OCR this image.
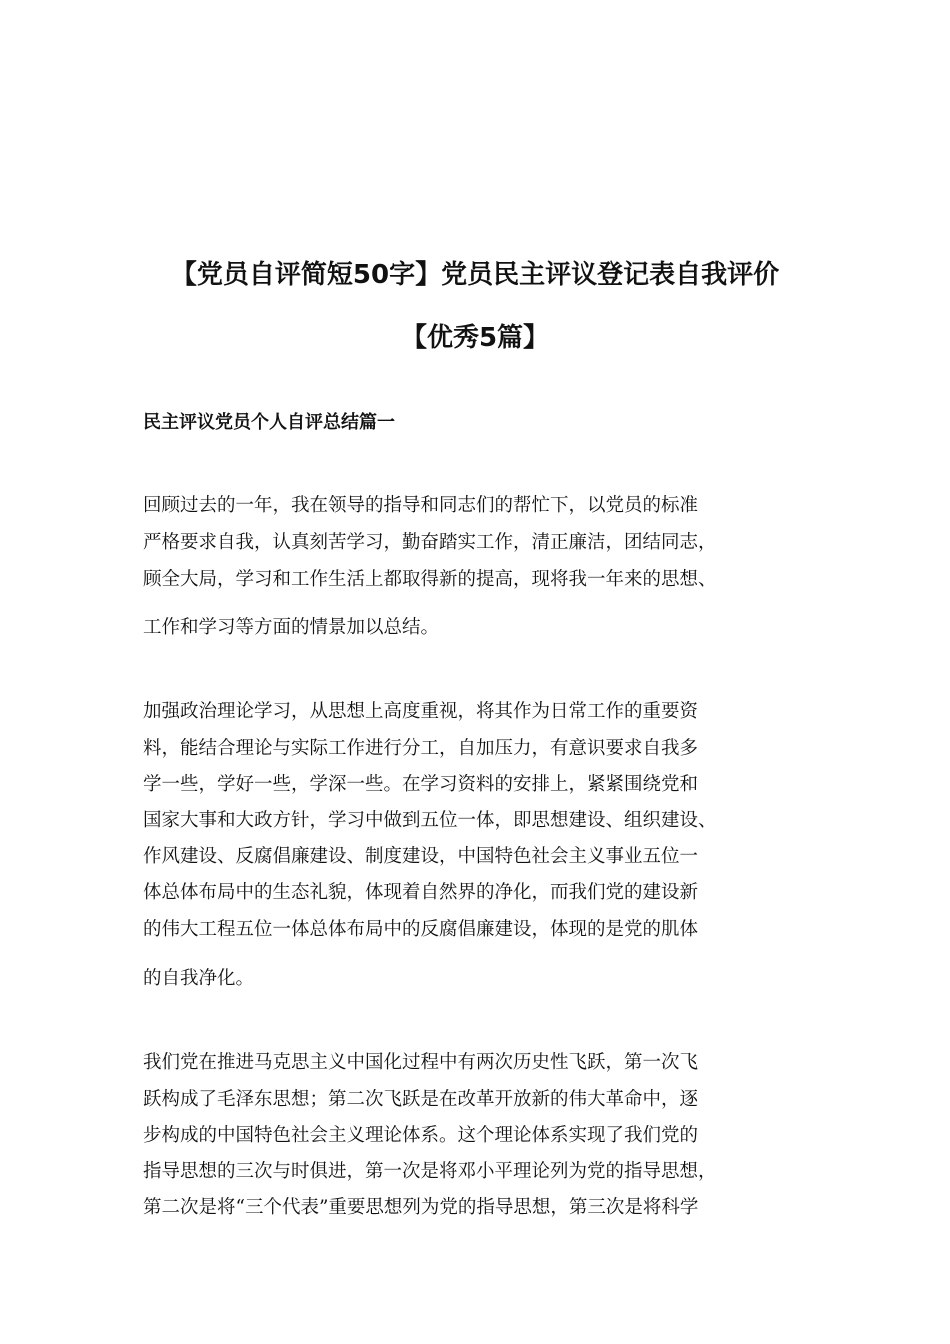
【党员自评简短50字】党员民主评议登记表自我评价
【优秀5篇】
民主评议党员个人自评总结篇一
回顾过去的一年，我在领导的指导和同志们的帮忙下，以党员的标准
严格要求自我，认真刻苦学习，勤奋踏实工作，清正廉洁，团结同志，
顾全大局，学习和工作生活上都取得新的提高，现将我一年来的思想、
工作和学习等方面的情景加以总结。
加强政治理论学习，从思想上高度重视，将其作为日常工作的重要资
料，能结合理论与实际工作进行分工，自加压力，有意识要求自我多
学一些，学好一些，学深一些。在学习资料的安排上，紧紧围绕党和
国家大事和大政方针，学习中做到五位一体，即思想建设、组织建设、
作风建设、反腐倡廉建设、制度建设，中国特色社会主义事业五位一
体总体布局中的生态礼貌，体现着自然界的净化，而我们党的建设新
的伟大工程五位一体总体布局中的反腐倡廉建设，体现的是党的肌体
的自我净化。
我们党在推进马克思主义中国化过程中有两次历史性飞跃，第一次飞
跃构成了毛泽东思想；第二次飞跃是在改革开放新的伟大革命中，逐
步构成的中国特色社会主义理论体系。这个理论体系实现了我们党的
指导思想的三次与时俱进，第一次是将邓小平理论列为党的指导思想，
第二次是将“三个代表”重要思想列为党的指导思想，第三次是将科学
